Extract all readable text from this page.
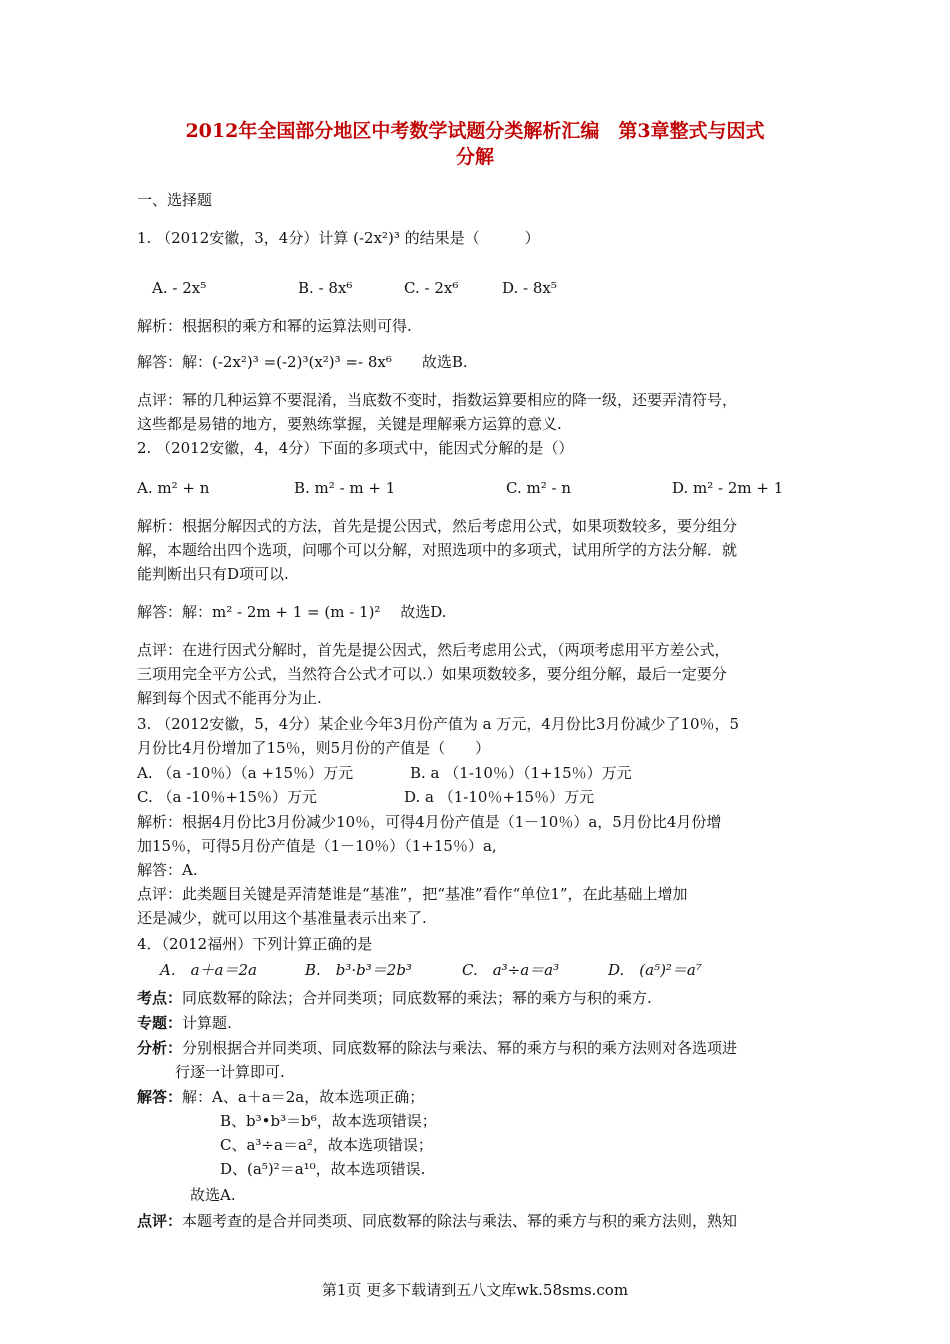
2012年全国部分地区中考数学试题分类解析汇编　第3章整式与因式
分解
一、选择题
1. （2012安徽，3，4分）计算 (-2x²)³ 的结果是（　　　）
A. - 2x⁵	B. - 8x⁶	C. - 2x⁶	D. - 8x⁵
解析：根据积的乘方和幂的运算法则可得.
解答：解：(-2x²)³ =(-2)³(x²)³ =- 8x⁶　　故选B.
点评：幂的几种运算不要混淆，当底数不变时，指数运算要相应的降一级，还要弄清符号，
这些都是易错的地方，要熟练掌握，关键是理解乘方运算的意义.
2. （2012安徽，4，4分）下面的多项式中，能因式分解的是（）
A. m² + n	B. m² - m + 1	C. m² - n	D. m² - 2m + 1
解析：根据分解因式的方法，首先是提公因式，然后考虑用公式，如果项数较多，要分组分
解，本题给出四个选项，问哪个可以分解，对照选项中的多项式，试用所学的方法分解．就
能判断出只有D项可以.
解答：解：m² - 2m + 1 = (m - 1)²　 故选D.
点评：在进行因式分解时，首先是提公因式，然后考虑用公式，（两项考虑用平方差公式，
三项用完全平方公式，当然符合公式才可以.）如果项数较多，要分组分解，最后一定要分
解到每个因式不能再分为止.
3. （2012安徽，5，4分）某企业今年3月份产值为 a 万元，4月份比3月份减少了10％，5
月份比4月份增加了15％，则5月份的产值是（　　）
A. （a -10％）（a +15％）万元	B. a （1-10％）（1+15％）万元
C. （a -10％+15％）万元	D. a （1-10％+15％）万元
解析：根据4月份比3月份减少10％，可得4月份产值是（1－10％）a，5月份比4月份增
加15％，可得5月份产值是（1－10％）（1+15％）a,
解答：A.
点评：此类题目关键是弄清楚谁是“基准”，把“基准”看作“单位1”，在此基础上增加
还是减少，就可以用这个基准量表示出来了.
4．（2012福州）下列计算正确的是
A.　a＋a＝2a	B.　b³·b³＝2b³	C.　a³÷a＝a³	D.　(a⁵)²＝a⁷
考点：同底数幂的除法；合并同类项；同底数幂的乘法；幂的乘方与积的乘方.
专题：计算题.
分析：分别根据合并同类项、同底数幂的除法与乘法、幂的乘方与积的乘方法则对各选项进
行逐一计算即可.
解答：解：A、a＋a＝2a，故本选项正确；
B、b³•b³＝b⁶，故本选项错误；
C、a³÷a＝a²，故本选项错误；
D、(a⁵)²＝a¹⁰，故本选项错误.
故选A.
点评：本题考查的是合并同类项、同底数幂的除法与乘法、幂的乘方与积的乘方法则，熟知
第1页 更多下载请到五八文库wk.58sms.com
